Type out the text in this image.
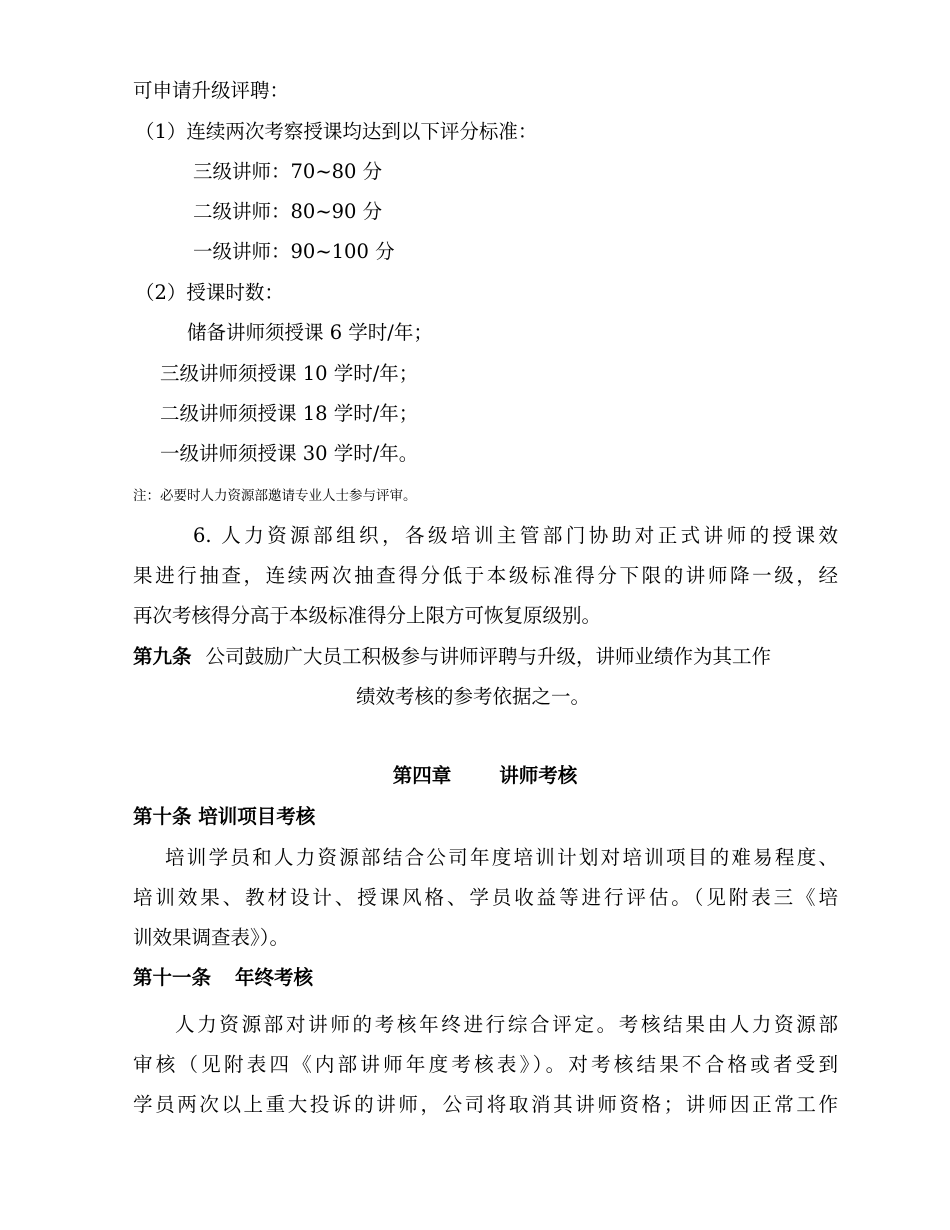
可申请升级评聘：
（1）连续两次考察授课均达到以下评分标准：
三级讲师：70~80 分
二级讲师：80~90 分
一级讲师：90~100 分
（2）授课时数：
储备讲师须授课 6 学时/年；
三级讲师须授课 10 学时/年；
二级讲师须授课 18 学时/年；
一级讲师须授课 30 学时/年。
注：必要时人力资源部邀请专业人士参与评审。
6. 人力资源部组织，各级培训主管部门协助对正式讲师的授课效
果进行抽查，连续两次抽查得分低于本级标准得分下限的讲师降一级，经
再次考核得分高于本级标准得分上限方可恢复原级别。
第九条 公司鼓励广大员工积极参与讲师评聘与升级，讲师业绩作为其工作
绩效考核的参考依据之一。
第四章 讲师考核
第十条 培训项目考核
培训学员和人力资源部结合公司年度培训计划对培训项目的难易程度、
培训效果、教材设计、授课风格、学员收益等进行评估。（见附表三《培
训效果调查表》）。
第十一条 年终考核
人力资源部对讲师的考核年终进行综合评定。考核结果由人力资源部
审核（见附表四《内部讲师年度考核表》）。对考核结果不合格或者受到
学员两次以上重大投诉的讲师，公司将取消其讲师资格；讲师因正常工作
